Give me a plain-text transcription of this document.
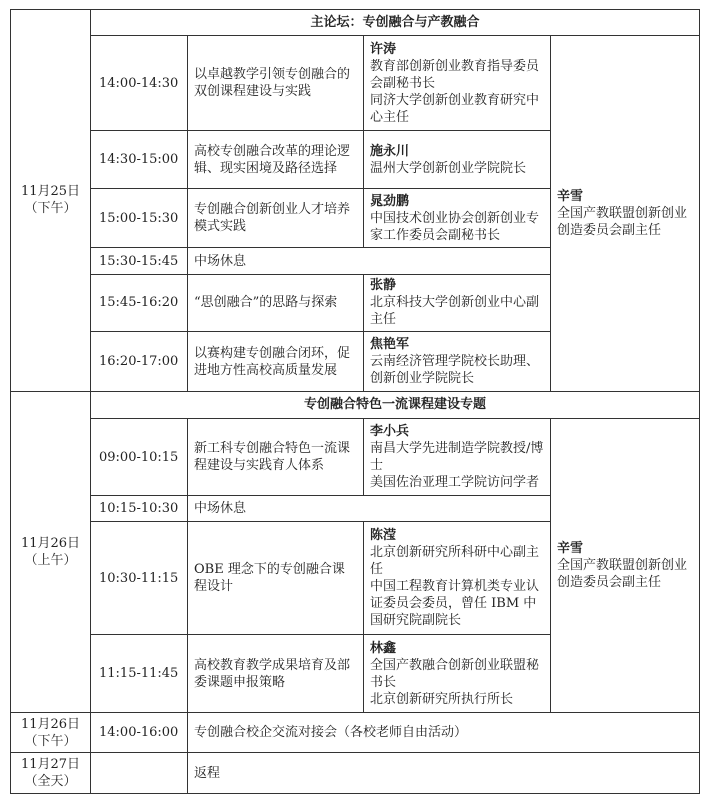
11月25日
（下午）	主论坛：专创融合与产教融合			
	14:00-14:30	以卓越教学引领专创融合的双创课程建设与实践	许涛
教育部创新创业教育指导委员会副秘书长
同济大学创新创业教育研究中心主任	辛雪
全国产教联盟创新创业创造委员会副主任

	14:30-15:00	高校专创融合改革的理论逻辑、现实困境及路径选择	施永川
温州大学创新创业学院院长	

	15:00-15:30	专创融合创新创业人才培养模式实践	晁劲鹏
中国技术创业协会创新创业专家工作委员会副秘书长	

	15:30-15:45	中场休息		
	15:45-16:20	“思创融合”的思路与探索	张静
北京科技大学创新创业中心副主任	

	16:20-17:00	以赛构建专创融合闭环，促进地方性高校高质量发展	焦艳军
云南经济管理学院校长助理、创新创业学院院长	

11月26日
（上午）	专创融合特色一流课程建设专题			
	09:00-10:15	新工科专创融合特色一流课程建设与实践育人体系	李小兵
南昌大学先进制造学院教授/博士
美国佐治亚理工学院访问学者	辛雪
全国产教联盟创新创业创造委员会副主任

	10:15-10:30	中场休息		
	10:30-11:15	OBE 理念下的专创融合课程设计	陈滢
北京创新研究所科研中心副主任
中国工程教育计算机类专业认证委员会委员，曾任 IBM 中国研究院副院长	

	11:15-11:45	高校教育教学成果培育及部委课题申报策略	林鑫
全国产教融合创新创业联盟秘书长
北京创新研究所执行所长	

11月26日
（下午）	14:00-16:00	专创融合校企交流对接会（各校老师自由活动）		

11月27日
（全天）		返程		
